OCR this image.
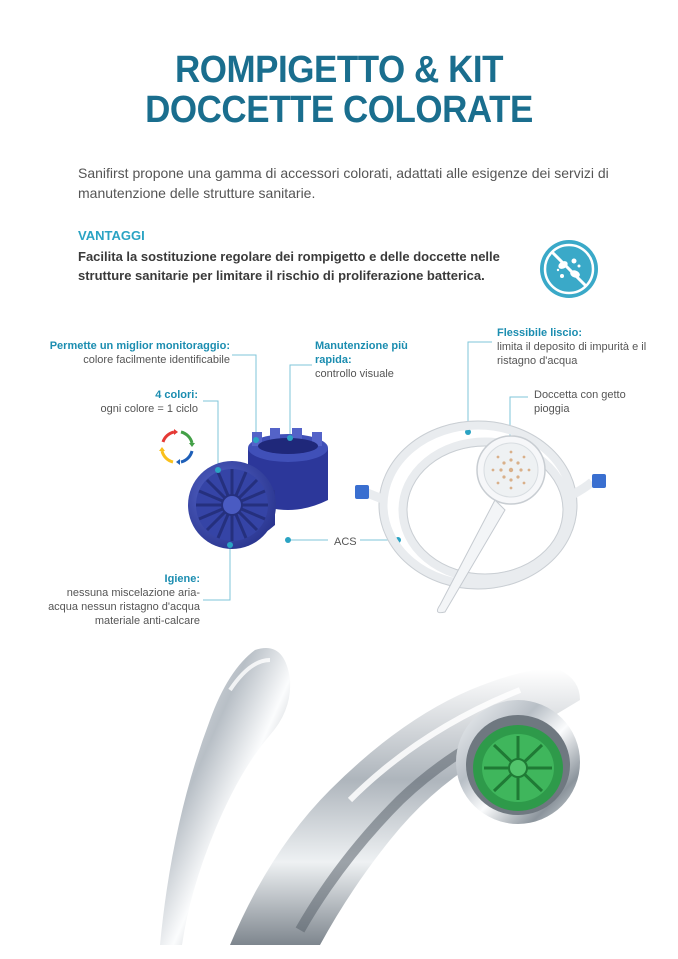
ROMPIGETTO & KIT
DOCCETTE COLORATE

Sanifirst propone una gamma di accessori colorati, adattati alle esigenze dei servizi di manutenzione delle strutture sanitarie.

VANTAGGI

Facilita la sostituzione regolare dei rompigetto e delle doccette nelle strutture sanitarie per limitare il rischio di proliferazione batterica.

Permette un miglior monitoraggio:
colore facilmente identificabile
Manutenzione più rapida:
controllo visuale
4 colori:
ogni colore = 1 ciclo
Igiene:
nessuna miscelazione aria-acqua nessun ristagno d'acqua materiale anti-calcare
Flessibile liscio:
limita il deposito di impurità e il ristagno d'acqua
Doccetta con getto pioggia
ACS
